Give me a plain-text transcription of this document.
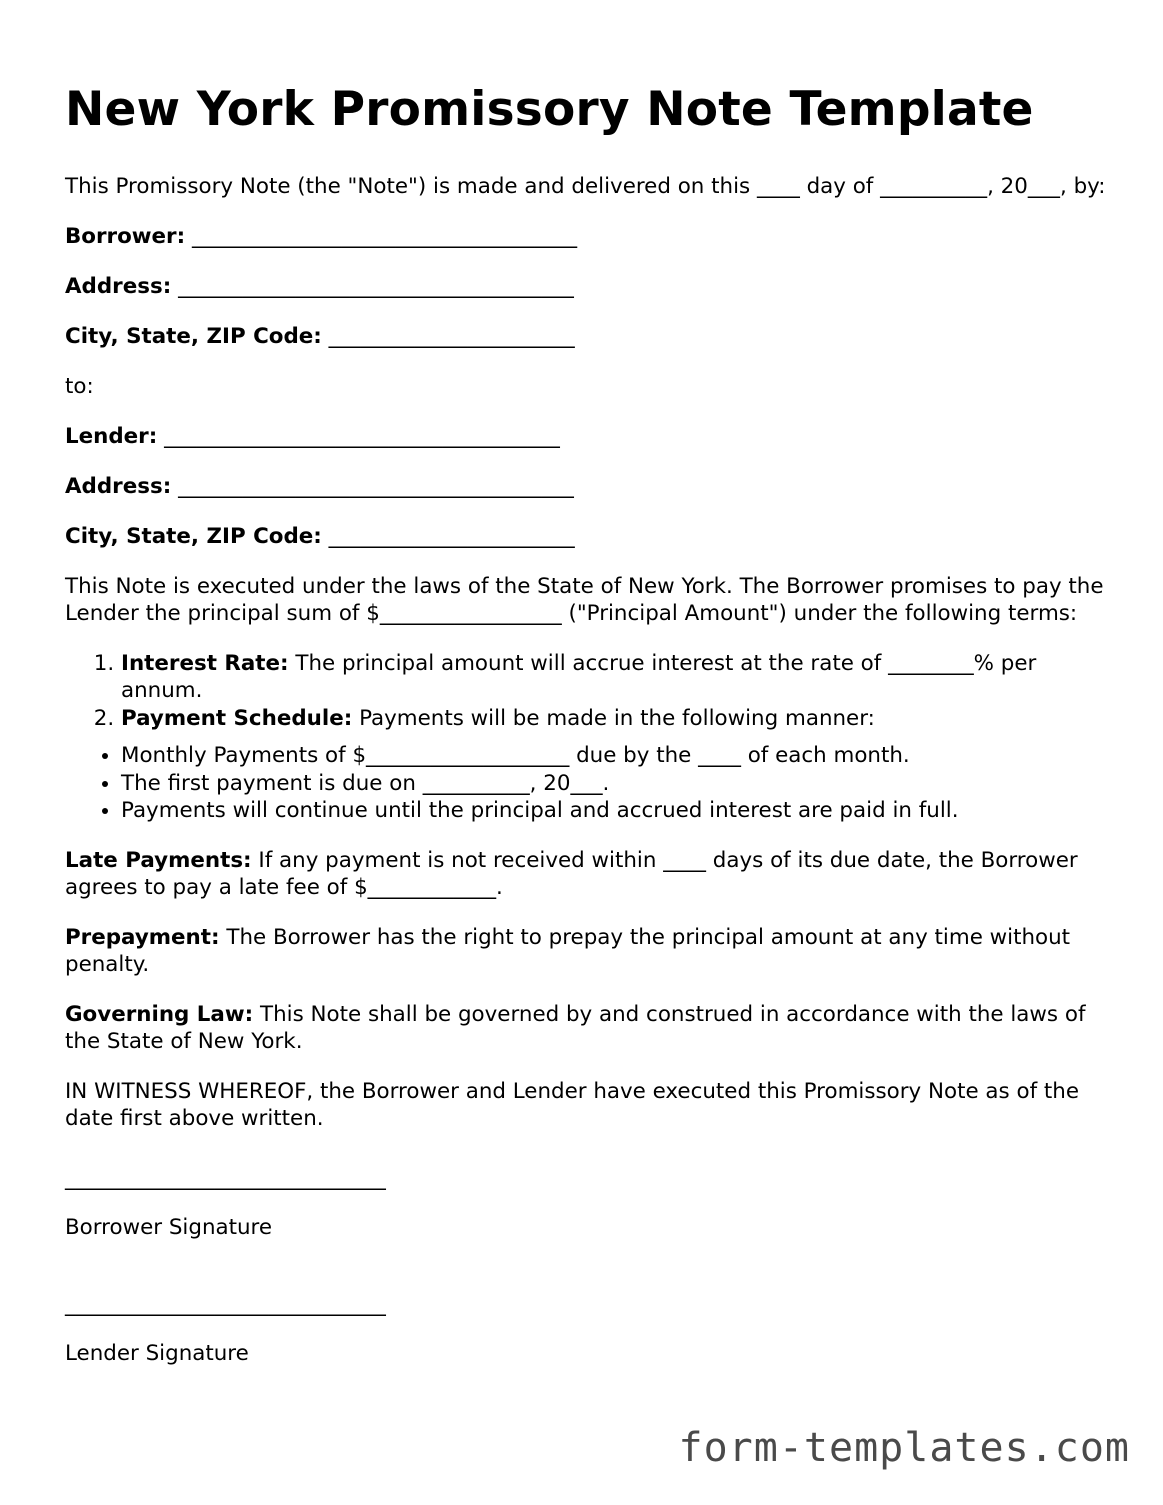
New York Promissory Note Template

This Promissory Note (the "Note") is made and delivered on this ____ day of __________, 20___, by:

Borrower: ____________________________________

Address: _____________________________________

City, State, ZIP Code: _______________________

to:

Lender: _____________________________________

Address: _____________________________________

City, State, ZIP Code: _______________________

This Note is executed under the laws of the State of New York. The Borrower promises to pay the Lender the principal sum of $_________________ ("Principal Amount") under the following terms:

1. Interest Rate: The principal amount will accrue interest at the rate of ________% per annum.
2. Payment Schedule: Payments will be made in the following manner:
• Monthly Payments of $___________________ due by the ____ of each month.
• The first payment is due on __________, 20___.
• Payments will continue until the principal and accrued interest are paid in full.

Late Payments: If any payment is not received within ____ days of its due date, the Borrower agrees to pay a late fee of $____________.

Prepayment: The Borrower has the right to prepay the principal amount at any time without penalty.

Governing Law: This Note shall be governed by and construed in accordance with the laws of the State of New York.

IN WITNESS WHEREOF, the Borrower and Lender have executed this Promissory Note as of the date first above written.

______________________________
Borrower Signature
______________________________
Lender Signature
form-templates.com
